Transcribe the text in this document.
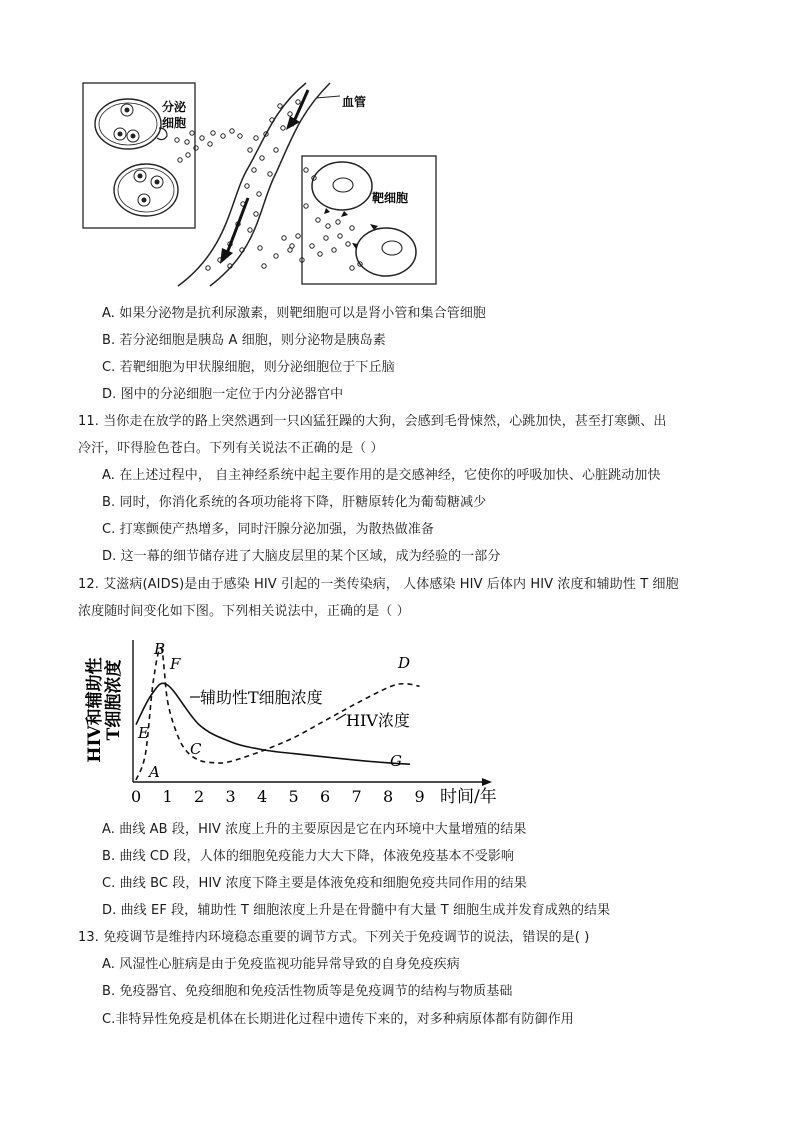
分泌
细胞
血管
靶细胞
A. 如果分泌物是抗利尿激素，则靶细胞可以是肾小管和集合管细胞
B. 若分泌细胞是胰岛 A 细胞，则分泌物是胰岛素
C. 若靶细胞为甲状腺细胞，则分泌细胞位于下丘脑
D. 图中的分泌细胞一定位于内分泌器官中
11. 当你走在放学的路上突然遇到一只凶猛狂躁的大狗，会感到毛骨悚然，心跳加快，甚至打寒颤、出
冷汗，吓得脸色苍白。下列有关说法不正确的是（ ）
A. 在上述过程中， 自主神经系统中起主要作用的是交感神经，它使你的呼吸加快、心脏跳动加快
B. 同时，你消化系统的各项功能将下降，肝糖原转化为葡萄糖减少
C. 打寒颤使产热增多，同时汗腺分泌加强，为散热做准备
D. 这一幕的细节储存进了大脑皮层里的某个区域，成为经验的一部分
12. 艾滋病(AIDS)是由于感染 HIV 引起的一类传染病， 人体感染 HIV 后体内 HIV 浓度和辅助性 T 细胞
浓度随时间变化如下图。下列相关说法中，正确的是（ ）
HIV和辅助性 T细胞浓度
0 1 2 3 4 5 6 7 8 9 时间/年
辅助性T细胞浓度
HIV浓度
A
B
C
D
E
F
G
A. 曲线 AB 段，HIV 浓度上升的主要原因是它在内环境中大量增殖的结果
B. 曲线 CD 段，人体的细胞免疫能力大大下降，体液免疫基本不受影响
C. 曲线 BC 段，HIV 浓度下降主要是体液免疫和细胞免疫共同作用的结果
D. 曲线 EF 段，辅助性 T 细胞浓度上升是在骨髓中有大量 T 细胞生成并发育成熟的结果
13. 免疫调节是维持内环境稳态重要的调节方式。下列关于免疫调节的说法，错误的是( )
A. 风湿性心脏病是由于免疫监视功能异常导致的自身免疫疾病
B. 免疫器官、免疫细胞和免疫活性物质等是免疫调节的结构与物质基础
C.非特异性免疫是机体在长期进化过程中遗传下来的，对多种病原体都有防御作用
